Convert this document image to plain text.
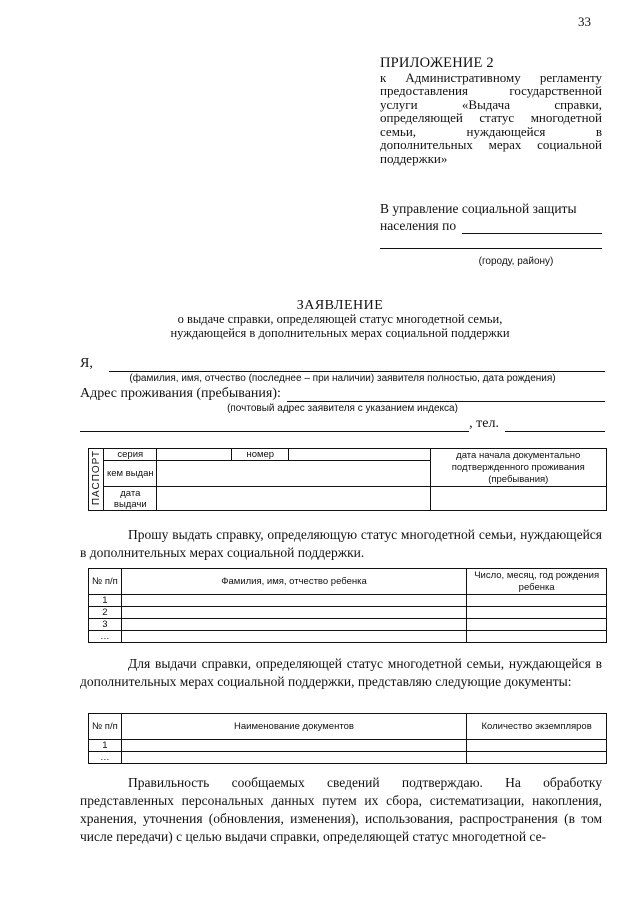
33
ПРИЛОЖЕНИЕ 2
к Административному регламенту предоставления государственной услуги «Выдача справки, определяющей статус многодетной семьи, нуждающейся в дополнительных мерах социальной поддержки»
В управление социальной защиты
населения по
(городу, району)
ЗАЯВЛЕНИЕ
о выдаче справки, определяющей статус многодетной семьи,
нуждающейся в дополнительных мерах социальной поддержки
Я,
(фамилия, имя, отчество (последнее – при наличии) заявителя полностью, дата рождения)
Адрес проживания (пребывания):
(почтовый адрес заявителя с указанием индекса)
, тел.
ПАСПОРТ	серия		номер		дата начала документально подтвержденного проживания (пребывания)
	кем выдан				
	дата выдачи				
Прошу выдать справку, определяющую статус многодетной семьи, нуждающейся в дополнительных мерах социальной поддержки.
№ п/п	Фамилия, имя, отчество ребенка	Число, месяц, год рождения ребенка
1		
2		
3		
…		
Для выдачи справки, определяющей статус многодетной семьи, нуждающейся в дополнительных мерах социальной поддержки, представляю следующие документы:
№ п/п	Наименование документов	Количество экземпляров
1		
…		
Правильность сообщаемых сведений подтверждаю. На обработку представленных персональных данных путем их сбора, систематизации, накопления, хранения, уточнения (обновления, изменения), использования, распространения (в том числе передачи) с целью выдачи справки, определяющей статус многодетной се-
